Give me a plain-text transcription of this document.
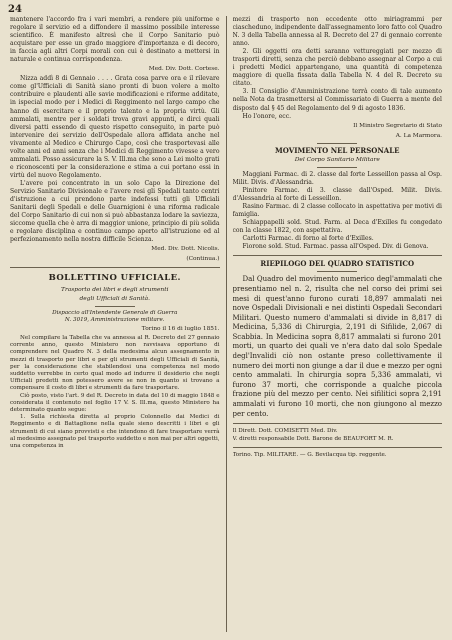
24

mantenere l'accordo fra i vari membri, a rendere più uniforme e regolare il servizio ed a diffondere il massimo possibile interesse scientifico. È manifesto altresì che il Corpo Sanitario può acquistare per esse un grado maggiore d'importanza e di decoro, in faccia agli altri Corpi morali con cui è destinato a mettersi in naturale e continua corrispondenza.

Med. Div. Dott. Cortese.

Nizza addì 8 di Gennaio . . . . Grata cosa parve ora e il rilevare come gl'Ufficiali di Sanità siano pronti di buon volere a molto contribuire e plaudenti alle savie modificazioni e riforme additate, in ispecial modo per i Medici di Reggimento nel largo campo che hanno di esercitare e il proprio talento e la propria virtù. Gli ammalati, mentre per i soldati trova gravi appunti, e dirci quali diversi patti essendo di questo rispetto conseguito, in parte può intervenire dei servizio dell'Ospedale allora affidata anche nel vivamente al Medico e Chirurgo Capo, così che trasportevasi alle volte anni ed anni senza che i Medici di Reggimento vivesse a vero ammalati. Posso assicurare la S. V. Ill.ma che sono a Lei molto grati e riconoscenti per la considerazione e stima a cui portano essi in virtù del nuovo Regolamento.

L'avere poi concentrato in un solo Capo la Direzione del Servizio Sanitario Divisionale e l'avere resi gli Spedali tanto centri d'istruzione a cui prendono parte indefessi tutti gli Ufficiali Sanitarii degli Spedali e delle Guarnigioni è una riforma radicale del Corpo Sanitario di cui non si può abbastanza lodare la saviezza, siccome quella che è arra di maggior unione, principio di più solida e regolare disciplina e continuo campo aperto all'istruzione ed al perfezionamento nella nostra difficile Scienza.

Med. Div. Dott. Nicolis.
(Continua.)
BOLLETTINO UFFICIALE.
Trasporto dei libri e degli strumenti
degli Ufficiali di Sanità.
Dispaccio all'Intendente Generale di Guerra
N. 3019, Amministrazione militare.
Torino il 16 di luglio 1851.

Nel compilare la Tabella che va annessa al R. Decreto del 27 gennaio corrente anno, questo Ministero non ravvisava opportuno di comprendere nel Quadro N. 3 della medesima alcun assegnamento in mezzi di trasporto per libri e per gli strumenti degli Ufficiali di Sanità, per la considerazione che stabilendosi una competenza nel modo suddetto verrebbe in certo qual modo ad indurre il desiderio che negli Ufficiali predetti non potessero avere se non in quanto si trovano a compensare il costo di libri e strumenti da fare trasportare.

Ciò posto, visto l'art. 9 del R. Decreto in data del 10 di maggio 1848 e considerata il contenuto nel foglio 17 V. S. Ill.ma, questo Ministero ha determinato quanto segue:

1. Sulla richiesta diretta al proprio Colonnello dai Medici di Reggimento e di Battaglione nella quale sieno descritti i libri e gli strumenti di cui siano provvisti e che intendono di fare trasportare verrà al medesimo assegnato pel trasporto suddetto e non mai per altri oggetti, una competenza in

mezzi di trasporto non eccedente otto miriagrammi per ciascheduno, indipendente dall'assegnamento loro fatto col Quadro N. 3 della Tabella annessa al R. Decreto del 27 di gennaio corrente anno.

2. Gli oggetti ora detti saranno vettureggiati per mezzo di trasporti diretti, senza che perciò debbano assegnar al Corpo a cui i predetti Medici appartengano, una quantità di competenza maggiore di quella fissata dalla Tabella N. 4 del R. Decreto su citato.

3. Il Consiglio d'Amministrazione terrà conto di tale aumento nella Nota da trasmettersi al Commissariato di Guerra a mente del disposto dal § 45 del Regolamento del 9 di agosto 1836.

Ho l'onore, ecc.

Il Ministro Segretario di Stato
A. La Marmora.
MOVIMENTO NEL PERSONALE
Del Corpo Sanitario Militare

Maggiani Farmac. di 2. classe dal forte Lesseillon passa al Osp. Milit. Divis. d'Alessandria.

Pinitore Farmac. di 3. classe dall'Osped. Milit. Divis. d'Alessandria al forte di Lesseillon.

Rasino Farmac. di 2 classe collocato in aspettativa per motivi di famiglia.

Schiappapelli sold. Stud. Farm. al Deca d'Exilles fu congedato con la classe 1822, con aspettativa.

Carlotti Farmac. di forno al forte d'Exilles.

Fiorone sold. Stud. Farmac. passa all'Osped. Div. di Genova.

RIEPILOGO DEL QUADRO STATISTICO

Dal Quadro del movimento numerico degl'ammalati che presentiamo nel n. 2, risulta che nel corso dei primi sei mesi di quest'anno furono curati 18,897 ammalati nei nove Ospedali Divisionali e nei distinti Ospedali Secondari Militari. Questo numero d'ammalati si divide in 8,817 di Medicina, 5,336 di Chirurgia, 2,191 di Sifilide, 2,067 di Scabbia. In Medicina sopra 8,817 ammalati si furono 201 morti, un quarto dei quali ve n'era dato dal solo Spedale degl'Invalidi ciò non ostante preso collettivamente il numero dei morti non giunge a dar il due e mezzo per ogni cento ammalati. In chirurgia sopra 5,336 ammalati, vi furono 37 morti, che corrisponde a qualche piccola frazione più del mezzo per cento. Nei sifilitici sopra 2,191 ammalati vi furono 10 morti, che non giungono al mezzo per cento.

Il Dirett. Dott. COMISETTI Med. Div.
V. diretti responsabile Dott. Barone de BEAUFORT M. R.
Torino. Tip. MILITARE. — G. Bevilacqua tip. reggente.
